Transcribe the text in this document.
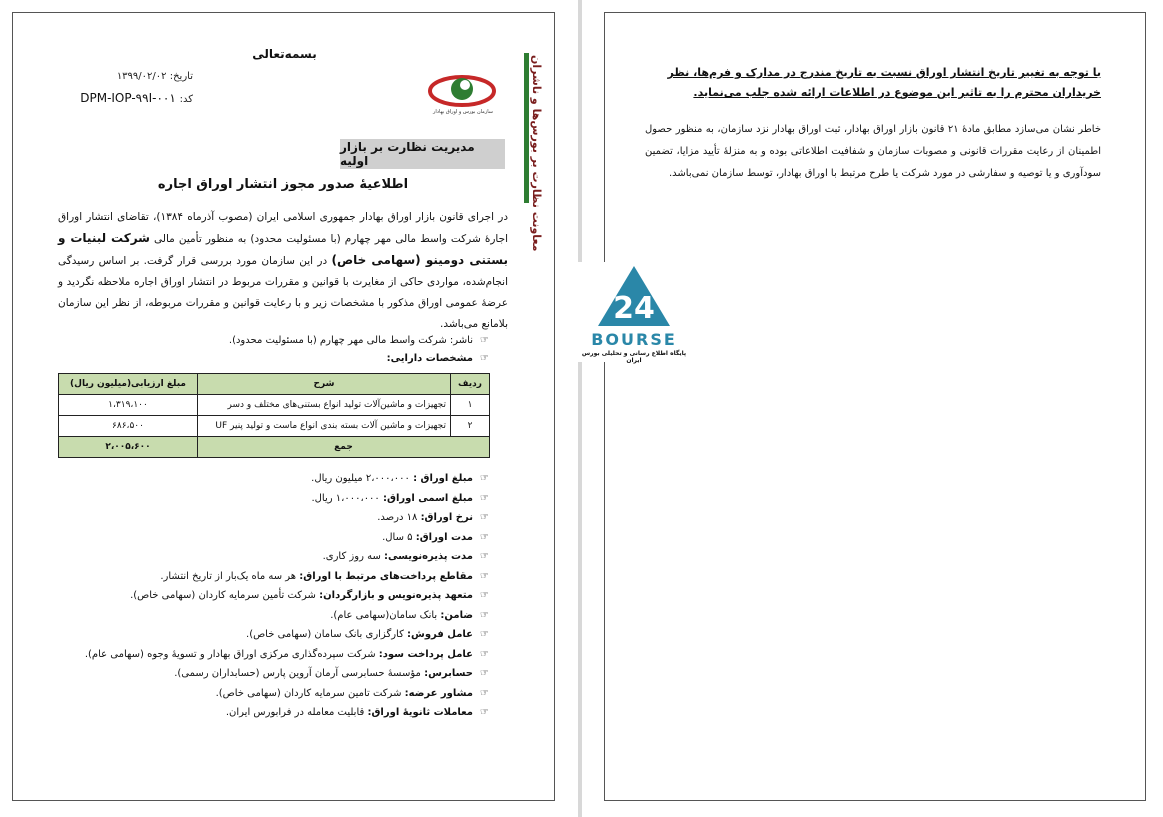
بسمه‌تعالی
تاریخ: ۱۳۹۹/۰۲/۰۲
کد: DPM-IOP-۹۹I-۰۰۱
سازمان بورس و اوراق بهادار	معاونت نظارت بر بورس‌ها و ناشران
مدیریت نظارت بر بازار اولیه
اطلاعیۀ صدور مجوز انتشار اوراق اجاره
در اجرای قانون بازار اوراق بهادار جمهوری اسلامی ایران (مصوب آذرماه ۱۳۸۴)، تقاضای انتشار اوراق اجارۀ شرکت واسط مالی مهر چهارم (با مسئولیت محدود) به منظور تأمین مالی شرکت لبنیات و بستنی دومینو (سهامی خاص) در این سازمان مورد بررسی قرار گرفت. بر اساس رسیدگی انجام‌شده، مواردی حاکی از مغایرت با قوانین و مقررات مربوط در انتشار اوراق اجاره ملاحظه نگردید و عرضۀ عمومی اوراق مذکور با مشخصات زیر و با رعایت قوانین و مقررات مربوطه، از نظر این سازمان بلامانع می‌باشد.
☞ناشر: شرکت واسط مالی مهر چهارم (با مسئولیت محدود).
☞مشخصات دارایی:
ردیف	شرح	مبلغ ارزیابی(میلیون ریال)
۱	تجهیزات و ماشین‌آلات تولید انواع بستنی‌های مختلف و دسر	۱،۳۱۹،۱۰۰
۲	تجهیزات و ماشین آلات بسته بندی انواع ماست و تولید پنیر UF	۶۸۶،۵۰۰
جمع		۲،۰۰۵،۶۰۰
☞مبلغ اوراق : ۲،۰۰۰،۰۰۰ میلیون ریال.
☞مبلغ اسمی اوراق: ۱،۰۰۰،۰۰۰ ریال.
☞نرخ اوراق: ۱۸ درصد.
☞مدت اوراق: ۵ سال.
☞مدت پذیره‌نویسی: سه روز کاری.
☞مقاطع پرداخت‌های مرتبط با اوراق: هر سه ماه یک‌بار از تاریخ انتشار.
☞متعهد پذیره‌نویس و بازارگردان: شرکت تأمین سرمایه کاردان (سهامی خاص).
☞ضامن: بانک سامان(سهامی عام).
☞عامل فروش: کارگزاری بانک سامان (سهامی خاص).
☞عامل پرداخت سود: شرکت سپرده‌گذاری مرکزی اوراق بهادار و تسویۀ وجوه (سهامی عام).
☞حسابرس: مؤسسۀ حسابرسی آرمان آروین پارس (حسابداران رسمی).
☞مشاور عرضه: شرکت تامین سرمایه کاردان (سهامی خاص).
☞معاملات ثانویۀ اوراق: قابلیت معامله در فرابورس ایران.
با توجه به تغییر تاریخ انتشار اوراق نسبت به تاریخ مندرج در مدارک و فرم‌ها، نظر خریداران محترم را به تاثیر این موضوع در اطلاعات ارائه شده جلب می‌نماید.
خاطر نشان می‌سازد مطابق مادۀ ۲۱ قانون بازار اوراق بهادار، ثبت اوراق بهادار نزد سازمان، به منظور حصول اطمینان از رعایت مقررات قانونی و مصوبات سازمان و شفافیت اطلاعاتی بوده و به منزلۀ تأیید مزایا، تضمین سودآوری و یا توصیه و سفارشی در مورد شرکت یا طرح مرتبط با اوراق بهادار، توسط سازمان نمی‌باشد.
24
BOURSE
پایگاه اطلاع رسانی و تحلیلی بورس ایران
